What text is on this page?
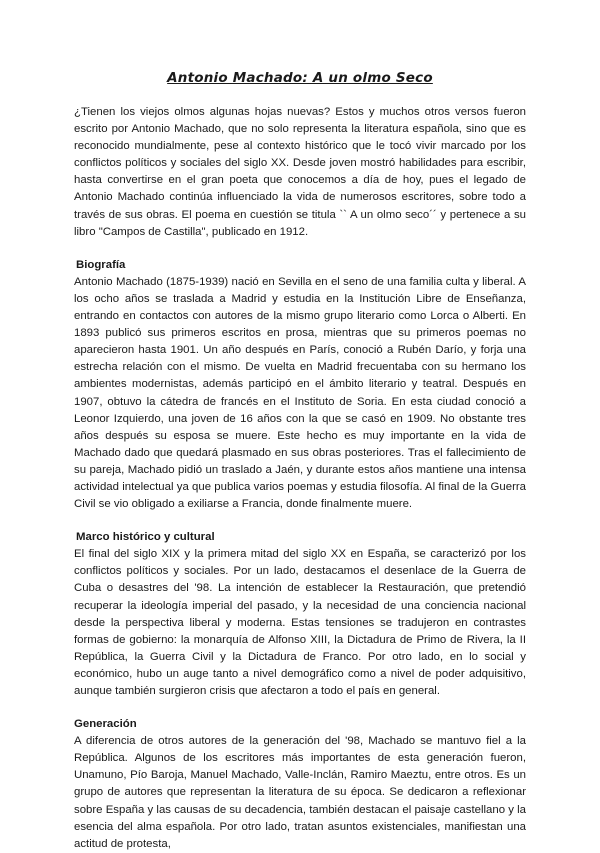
Antonio Machado: A un olmo Seco

¿Tienen los viejos olmos algunas hojas nuevas? Estos y muchos otros versos fueron escrito por Antonio Machado, que no solo representa la literatura española, sino que es reconocido mundialmente, pese al contexto histórico que le tocó vivir marcado por los conflictos políticos y sociales del siglo XX. Desde joven mostró habilidades para escribir, hasta convertirse en el gran poeta que conocemos a día de hoy, pues el legado de Antonio Machado continúa influenciado la vida de numerosos escritores, sobre todo a través de sus obras. El poema en cuestión se titula `` A un olmo seco´´ y pertenece a su libro "Campos de Castilla", publicado en 1912.

Biografía

Antonio Machado (1875-1939) nació en Sevilla en el seno de una familia culta y liberal. A los ocho años se traslada a Madrid y estudia en la Institución Libre de Enseñanza, entrando en contactos con autores de la mismo grupo literario como Lorca o Alberti. En 1893 publicó sus primeros escritos en prosa, mientras que su primeros poemas no aparecieron hasta 1901. Un año después en París, conoció a Rubén Darío, y forja una estrecha relación con el mismo. De vuelta en Madrid frecuentaba con su hermano los ambientes modernistas, además participó en el ámbito literario y teatral. Después en 1907, obtuvo la cátedra de francés en el Instituto de Soria. En esta ciudad conoció a Leonor Izquierdo, una joven de 16 años con la que se casó en 1909. No obstante tres años después su esposa se muere. Este hecho es muy importante en la vida de Machado dado que quedará plasmado en sus obras posteriores. Tras el fallecimiento de su pareja, Machado pidió un traslado a Jaén, y durante estos años mantiene una intensa actividad intelectual ya que publica varios poemas y estudia filosofía. Al final de la Guerra Civil se vio obligado a exiliarse a Francia, donde finalmente muere.

Marco histórico y cultural

El final del siglo XIX y la primera mitad del siglo XX en España, se caracterizó por los conflictos políticos y sociales. Por un lado, destacamos el desenlace de la Guerra de Cuba o desastres del '98. La intención de establecer la Restauración, que pretendió recuperar la ideología imperial del pasado, y la necesidad de una conciencia nacional desde la perspectiva liberal y moderna. Estas tensiones se tradujeron en contrastes formas de gobierno: la monarquía de Alfonso XIII, la Dictadura de Primo de Rivera, la II República, la Guerra Civil y la Dictadura de Franco. Por otro lado, en lo social y económico, hubo un auge tanto a nivel demográfico como a nivel de poder adquisitivo, aunque también surgieron crisis que afectaron a todo el país en general.

Generación

A diferencia de otros autores de la generación del '98, Machado se mantuvo fiel a la República. Algunos de los escritores más importantes de esta generación fueron, Unamuno, Pío Baroja, Manuel Machado, Valle-Inclán, Ramiro Maeztu, entre otros. Es un grupo de autores que representan la literatura de su época. Se dedicaron a reflexionar sobre España y las causas de su decadencia, también destacan el paisaje castellano y la esencia del alma española. Por otro lado, tratan asuntos existenciales, manifiestan una actitud de protesta,
